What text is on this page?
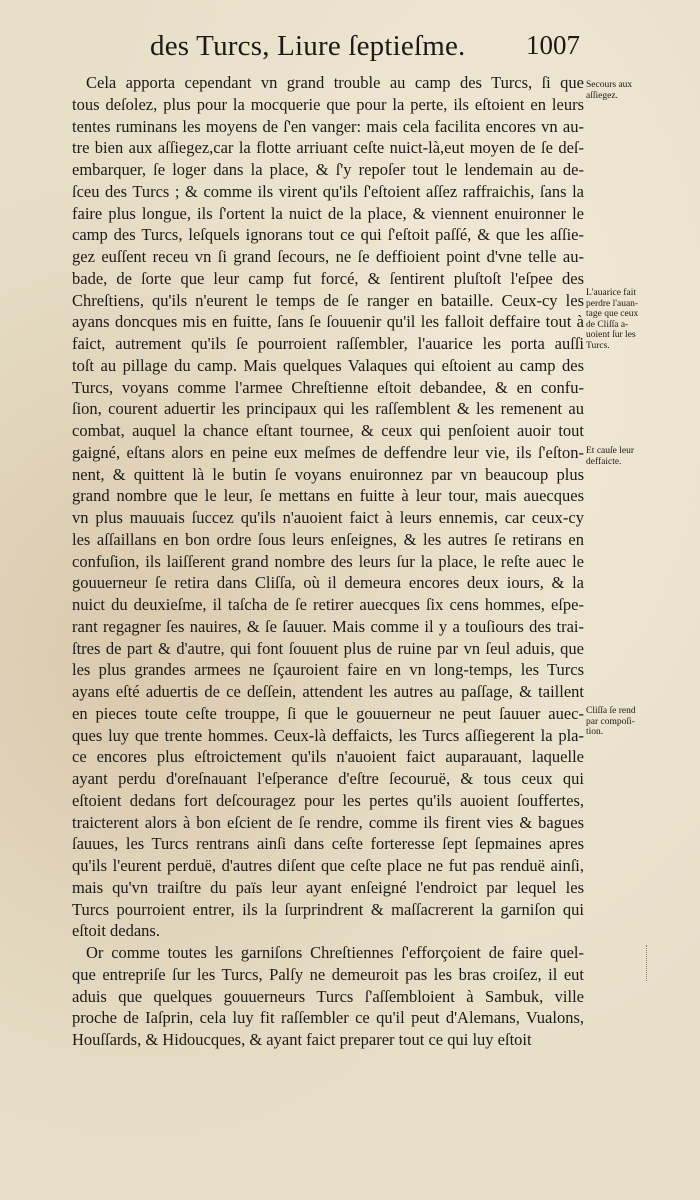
des Turcs, Liure ſeptieſme. 1007
Cela apporta cependant vn grand trouble au camp des Turcs, ſi que
tous deſolez, plus pour la mocquerie que pour la perte, ils eſtoient en leurs
tentes ruminans les moyens de ſ'en vanger: mais cela facilita encores vn au-
tre bien aux aſſiegez,car la flotte arriuant ceſte nuict-là,eut moyen de ſe deſ-
embarquer, ſe loger dans la place, & ſ'y repoſer tout le lendemain au de-
ſceu des Turcs ; & comme ils virent qu'ils ſ'eſtoient aſſez raffraichis, ſans la
faire plus longue, ils ſ'ortent la nuict de la place, & viennent enuironner le
camp des Turcs, leſquels ignorans tout ce qui ſ'eſtoit paſſé, & que les aſſie-
gez euſſent receu vn ſi grand ſecours, ne ſe deffioient point d'vne telle au-
bade, de ſorte que leur camp fut forcé, & ſentirent pluſtoſt l'eſpee des
Chreſtiens, qu'ils n'eurent le temps de ſe ranger en bataille. Ceux-cy les
ayans doncques mis en fuitte, ſans ſe ſouuenir qu'il les falloit deffaire tout à
faict, autrement qu'ils ſe pourroient raſſembler, l'auarice les porta auſſi
toſt au pillage du camp. Mais quelques Valaques qui eſtoient au camp des
Turcs, voyans comme l'armee Chreſtienne eſtoit debandee, & en confu-
ſion, courent aduertir les principaux qui les raſſemblent & les remenent au
combat, auquel la chance eſtant tournee, & ceux qui penſoient auoir tout
gaigné, eſtans alors en peine eux meſmes de deffendre leur vie, ils ſ'eſton-
nent, & quittent là le butin ſe voyans enuironnez par vn beaucoup plus
grand nombre que le leur, ſe mettans en fuitte à leur tour, mais auecques
vn plus mauuais ſuccez qu'ils n'auoient faict à leurs ennemis, car ceux-cy
les aſſaillans en bon ordre ſous leurs enſeignes, & les autres ſe retirans en
confuſion, ils laiſſerent grand nombre des leurs ſur la place, le reſte auec le
gouuerneur ſe retira dans Cliſſa, où il demeura encores deux iours, & la
nuict du deuxieſme, il taſcha de ſe retirer auecques ſix cens hommes, eſpe-
rant regagner ſes nauires, & ſe ſauuer. Mais comme il y a touſiours des trai-
ſtres de part & d'autre, qui font ſouuent plus de ruine par vn ſeul aduis, que
les plus grandes armees ne ſçauroient faire en vn long-temps, les Turcs
ayans eſté aduertis de ce deſſein, attendent les autres au paſſage, & taillent
en pieces toute ceſte trouppe, ſi que le gouuerneur ne peut ſauuer auec-
ques luy que trente hommes. Ceux-là deffaicts, les Turcs aſſiegerent la pla-
ce encores plus eſtroictement qu'ils n'auoient faict auparauant, laquelle
ayant perdu d'oreſnauant l'eſperance d'eſtre ſecouruë, & tous ceux qui
eſtoient dedans fort deſcouragez pour les pertes qu'ils auoient ſouffertes,
traicterent alors à bon eſcient de ſe rendre, comme ils firent vies & bagues
ſauues, les Turcs rentrans ainſi dans ceſte forteresse ſept ſepmaines apres
qu'ils l'eurent perduë, d'autres diſent que ceſte place ne fut pas renduë ainſi,
mais qu'vn traiſtre du païs leur ayant enſeigné l'endroict par lequel les
Turcs pourroient entrer, ils la ſurprindrent & maſſacrerent la garniſon qui
eſtoit dedans.
Or comme toutes les garniſons Chreſtiennes ſ'efforçoient de faire quel-
que entrepriſe ſur les Turcs, Palſy ne demeuroit pas les bras croiſez, il eut
aduis que quelques gouuerneurs Turcs ſ'aſſembloient à Sambuk, ville
proche de Iaſprin, cela luy fit raſſembler ce qu'il peut d'Alemans, Vualons,
Houſſards, & Hidoucques, & ayant faict preparer tout ce qui luy eſtoit
Secours aux
aſſiegez.
L'auarice fait
perdre l'auan-
tage que ceux
de Cliſſa a-
uoient ſur les
Turcs.
Et cauſe leur
deffaicte.
Cliſſa ſe rend
par compoſi-
tion.
